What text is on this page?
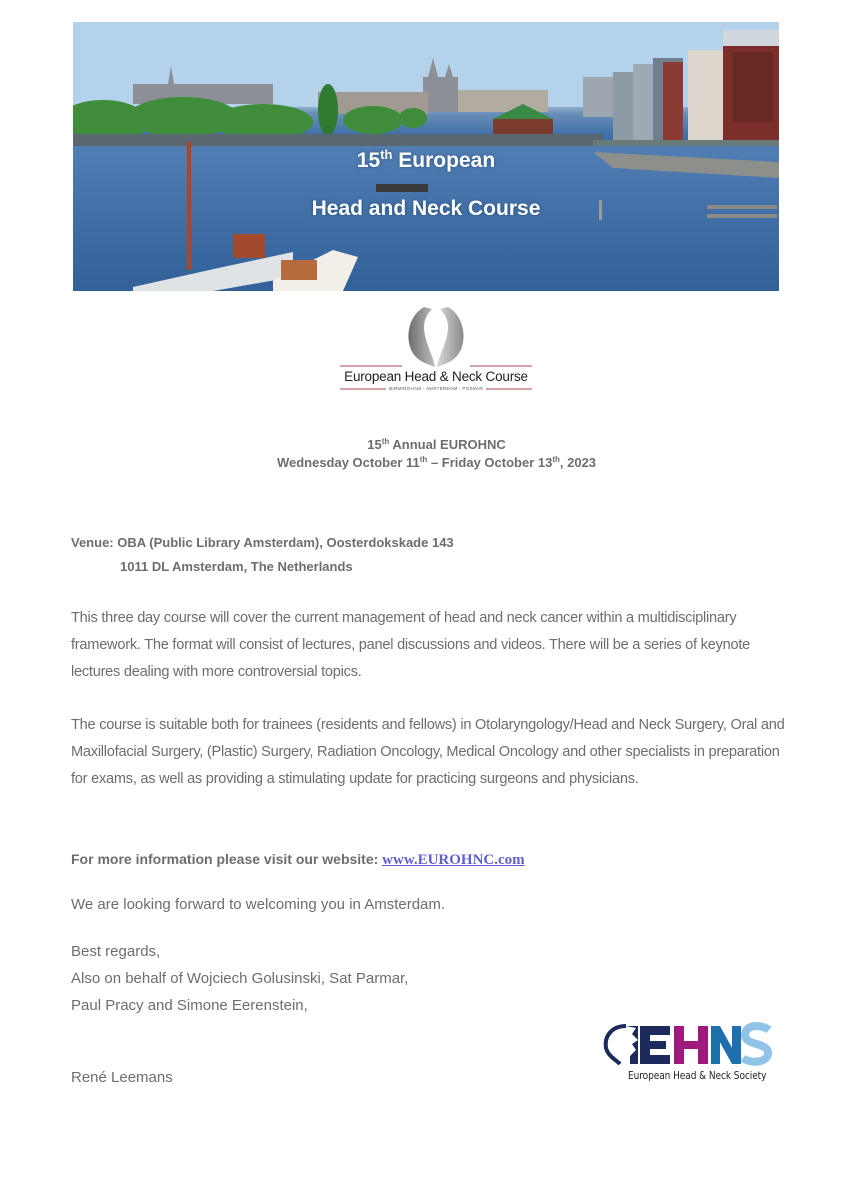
15th European
Head and Neck Course
European Head & Neck Course
BIRMINGHAM - AMSTERDAM - POZNAN
15th Annual EUROHNC
Wednesday October 11th – Friday October 13th, 2023
Venue: OBA (Public Library Amsterdam), Oosterdokskade 143
1011 DL Amsterdam, The Netherlands
This three day course will cover the current management of head and neck cancer within a multidisciplinary framework. The format will consist of lectures, panel discussions and videos. There will be a series of keynote lectures dealing with more controversial topics.
The course is suitable both for trainees (residents and fellows) in Otolaryngology/Head and Neck Surgery, Oral and Maxillofacial Surgery, (Plastic) Surgery, Radiation Oncology, Medical Oncology and other specialists in preparation for exams, as well as providing a stimulating update for practicing surgeons and physicians.
For more information please visit our website: www.EUROHNC.com
We are looking forward to welcoming you in Amsterdam.
Best regards,
Also on behalf of Wojciech Golusinski, Sat Parmar,
Paul Pracy and Simone Eerenstein,
René Leemans	European Head & Neck Society
